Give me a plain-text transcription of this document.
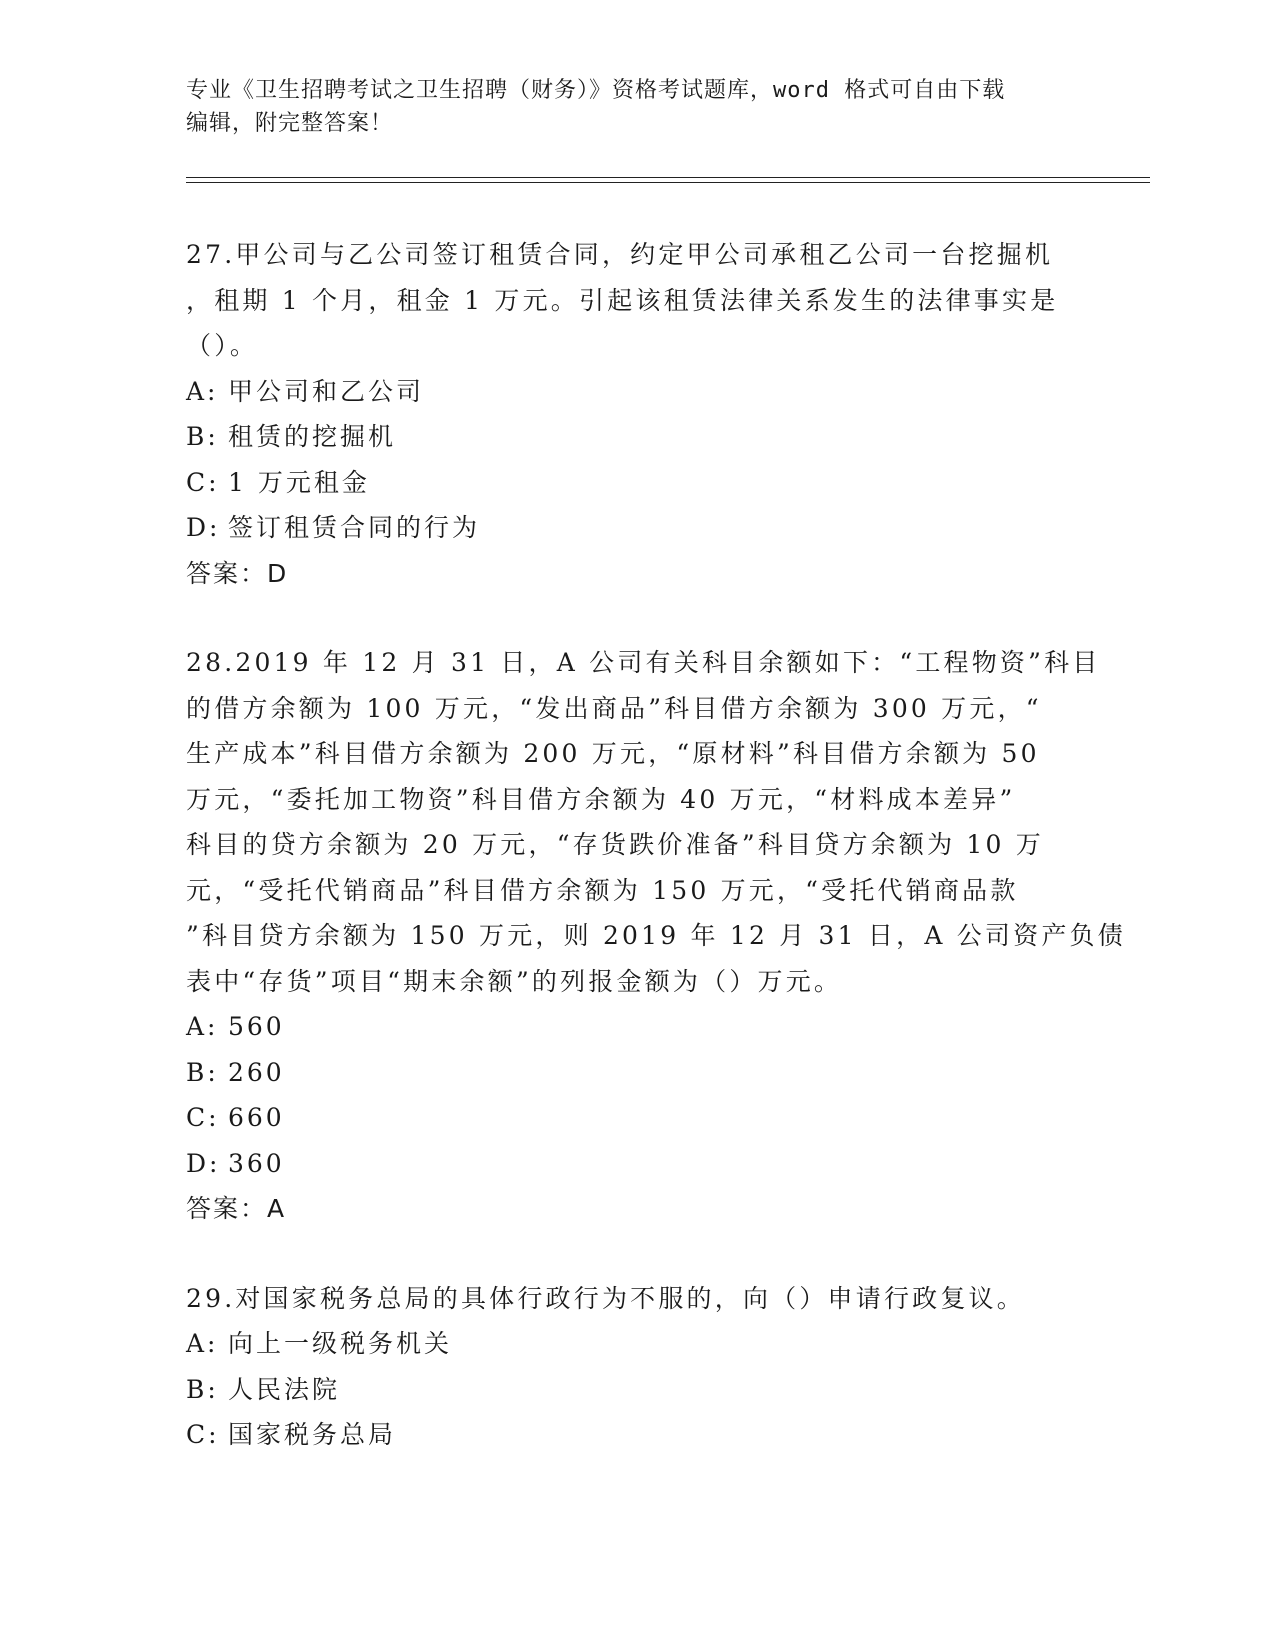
专业《卫生招聘考试之卫生招聘（财务）》资格考试题库，word 格式可自由下载
编辑，附完整答案！

27.甲公司与乙公司签订租赁合同，约定甲公司承租乙公司一台挖掘机
，租期 1 个月，租金 1 万元。引起该租赁法律关系发生的法律事实是
（）。

A: 甲公司和乙公司

B: 租赁的挖掘机

C: 1 万元租金

D: 签订租赁合同的行为

答案：D

28.2019 年 12 月 31 日，A 公司有关科目余额如下：“工程物资”科目
的借方余额为 100 万元，“发出商品”科目借方余额为 300 万元，“
生产成本”科目借方余额为 200 万元，“原材料”科目借方余额为 50
万元，“委托加工物资”科目借方余额为 40 万元，“材料成本差异”
科目的贷方余额为 20 万元，“存货跌价准备”科目贷方余额为 10 万
元，“受托代销商品”科目借方余额为 150 万元，“受托代销商品款
”科目贷方余额为 150 万元，则 2019 年 12 月 31 日，A 公司资产负债
表中“存货”项目“期末余额”的列报金额为（）万元。

A: 560

B: 260

C: 660

D: 360

答案：A

29.对国家税务总局的具体行政行为不服的，向（）申请行政复议。

A: 向上一级税务机关

B: 人民法院

C: 国家税务总局
